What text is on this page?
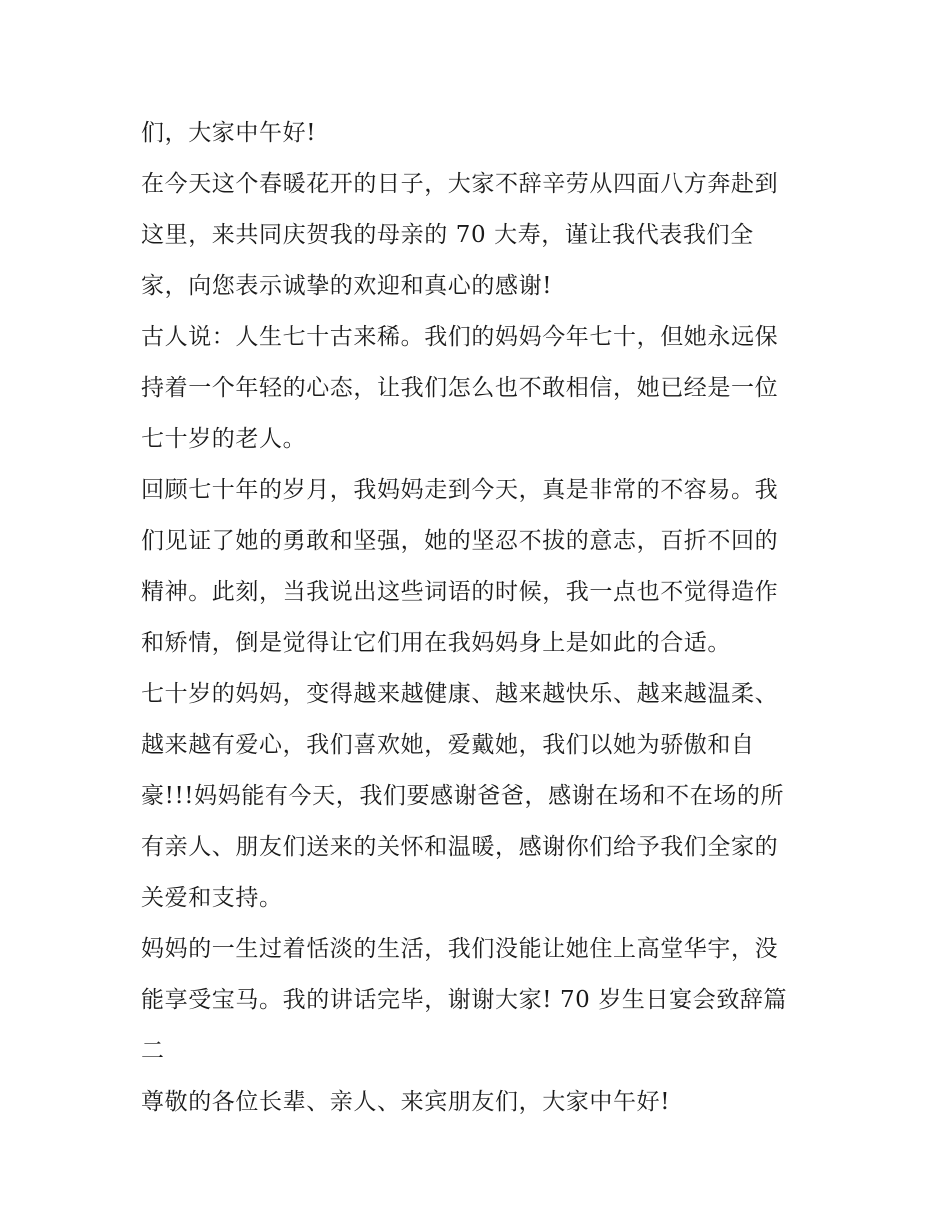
们，大家中午好!
在今天这个春暖花开的日子，大家不辞辛劳从四面八方奔赴到
这里，来共同庆贺我的母亲的 70 大寿，谨让我代表我们全
家，向您表示诚挚的欢迎和真心的感谢!
古人说：人生七十古来稀。我们的妈妈今年七十，但她永远保
持着一个年轻的心态，让我们怎么也不敢相信，她已经是一位
七十岁的老人。
回顾七十年的岁月，我妈妈走到今天，真是非常的不容易。我
们见证了她的勇敢和坚强，她的坚忍不拔的意志，百折不回的
精神。此刻，当我说出这些词语的时候，我一点也不觉得造作
和矫情，倒是觉得让它们用在我妈妈身上是如此的合适。
七十岁的妈妈，变得越来越健康、越来越快乐、越来越温柔、
越来越有爱心，我们喜欢她，爱戴她，我们以她为骄傲和自
豪!!!妈妈能有今天，我们要感谢爸爸，感谢在场和不在场的所
有亲人、朋友们送来的关怀和温暖，感谢你们给予我们全家的
关爱和支持。
妈妈的一生过着恬淡的生活，我们没能让她住上高堂华宇，没
能享受宝马。我的讲话完毕，谢谢大家! 70 岁生日宴会致辞篇
二
尊敬的各位长辈、亲人、来宾朋友们，大家中午好!
